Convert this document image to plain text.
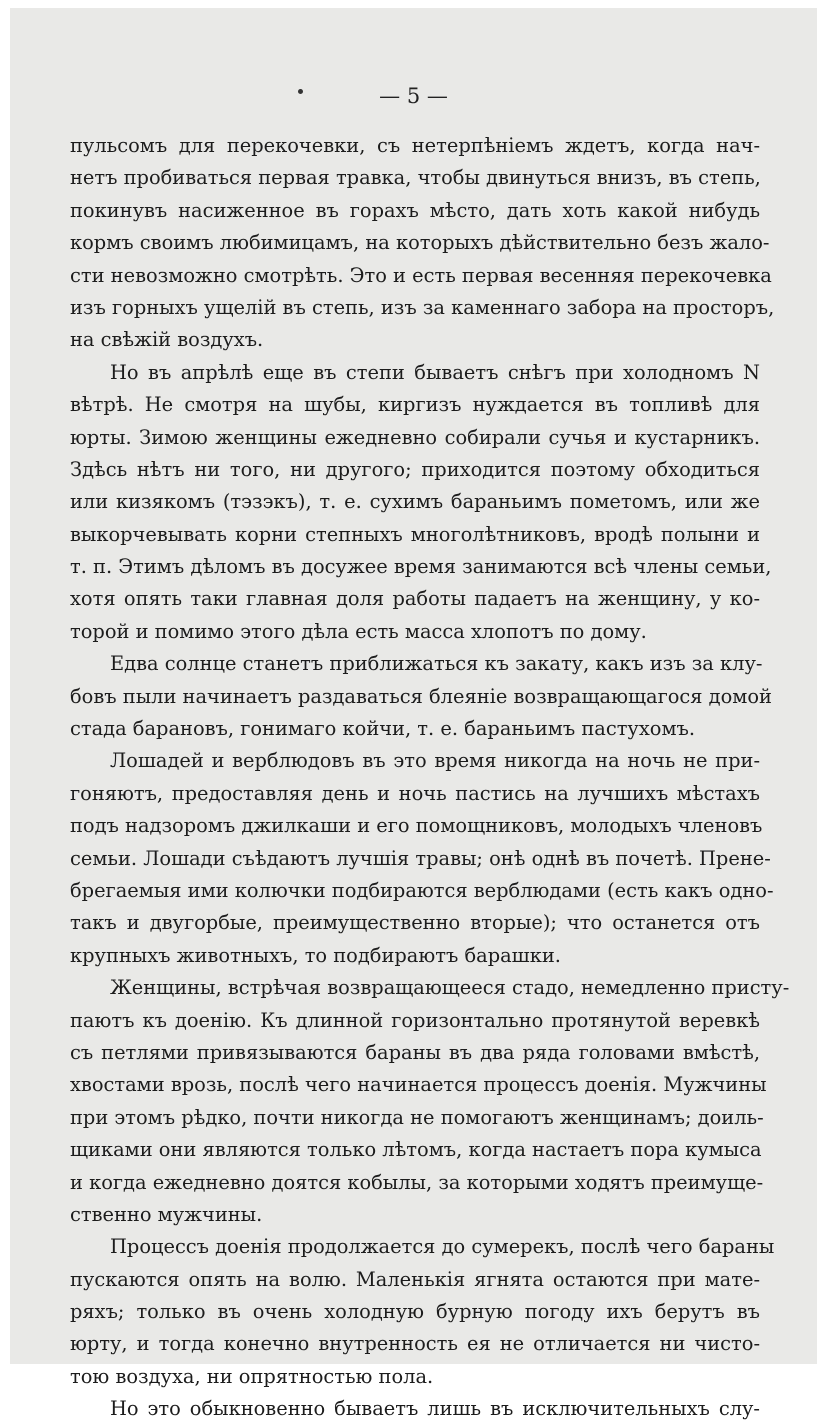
— 5 —
пульсомъ для перекочевки, съ нетерпѣніемъ ждетъ, когда нач-
нетъ пробиваться первая травка, чтобы двинуться внизъ, въ степь,
покинувъ насиженное въ горахъ мѣсто, дать хоть какой нибудь
кормъ своимъ любимицамъ, на которыхъ дѣйствительно безъ жало-
сти невозможно смотрѣть. Это и есть первая весенняя перекочевка
изъ горныхъ ущелій въ степь, изъ за каменнаго забора на просторъ,
на свѣжій воздухъ.
Но въ апрѣлѣ еще въ степи бываетъ снѣгъ при холодномъ N
вѣтрѣ. Не смотря на шубы, киргизъ нуждается въ топливѣ для
юрты. Зимою женщины ежедневно собирали сучья и кустарникъ.
Здѣсь нѣтъ ни того, ни другого; приходится поэтому обходиться
или кизякомъ (тэзэкъ), т. е. сухимъ бараньимъ пометомъ, или же
выкорчевывать корни степныхъ многолѣтниковъ, вродѣ полыни и
т. п. Этимъ дѣломъ въ досужее время занимаются всѣ члены семьи,
хотя опять таки главная доля работы падаетъ на женщину, у ко-
торой и помимо этого дѣла есть масса хлопотъ по дому.
Едва солнце станетъ приближаться къ закату, какъ изъ за клу-
бовъ пыли начинаетъ раздаваться блеяніе возвращающагося домой
стада барановъ, гонимаго койчи, т. е. бараньимъ пастухомъ.
Лошадей и верблюдовъ въ это время никогда на ночь не при-
гоняютъ, предоставляя день и ночь пастись на лучшихъ мѣстахъ
подъ надзоромъ джилкаши и его помощниковъ, молодыхъ членовъ
семьи. Лошади съѣдаютъ лучшія травы; онѣ однѣ въ почетѣ. Прене-
брегаемыя ими колючки подбираются верблюдами (есть какъ одно-
такъ и двугорбые, преимущественно вторые); что останется отъ
крупныхъ животныхъ, то подбираютъ барашки.
Женщины, встрѣчая возвращающееся стадо, немедленно присту-
паютъ къ доенію. Къ длинной горизонтально протянутой веревкѣ
съ петлями привязываются бараны въ два ряда головами вмѣстѣ,
хвостами врозь, послѣ чего начинается процессъ доенія. Мужчины
при этомъ рѣдко, почти никогда не помогаютъ женщинамъ; доиль-
щиками они являются только лѣтомъ, когда настаетъ пора кумыса
и когда ежедневно доятся кобылы, за которыми ходятъ преимуще-
ственно мужчины.
Процессъ доенія продолжается до сумерекъ, послѣ чего бараны
пускаются опять на волю. Маленькія ягнята остаются при мате-
ряхъ; только въ очень холодную бурную погоду ихъ берутъ въ
юрту, и тогда конечно внутренность ея не отличается ни чисто-
тою воздуха, ни опрятностью пола.
Но это обыкновенно бываетъ лишь въ исключительныхъ слу-
